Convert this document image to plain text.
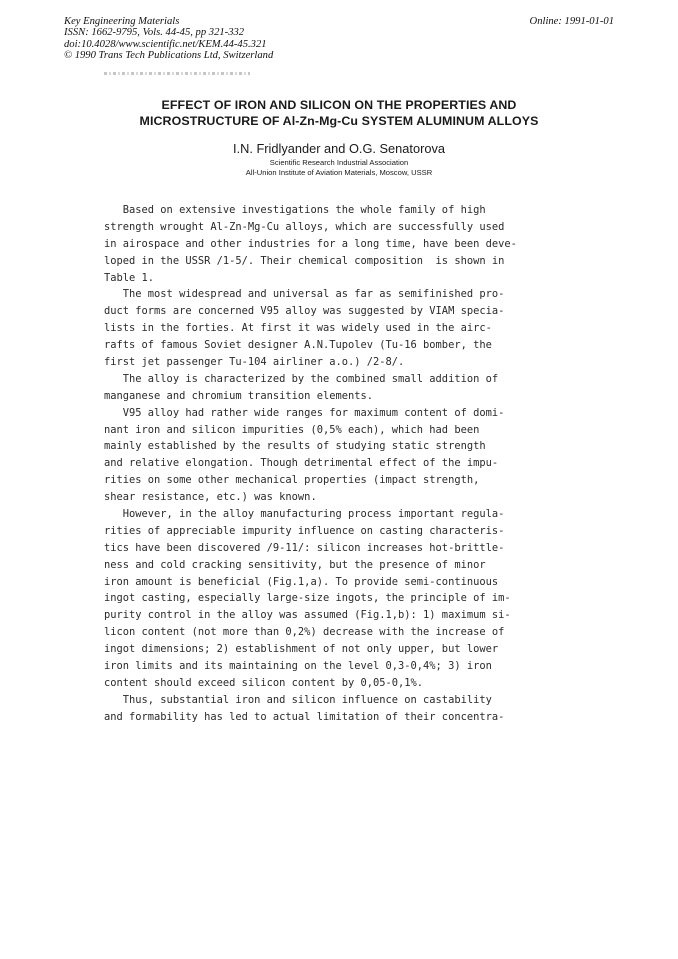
Key Engineering Materials
ISSN: 1662-9795, Vols. 44-45, pp 321-332
doi:10.4028/www.scientific.net/KEM.44-45.321
© 1990 Trans Tech Publications Ltd, Switzerland
Online: 1991-01-01
EFFECT OF IRON AND SILICON ON THE PROPERTIES AND
MICROSTRUCTURE OF Al-Zn-Mg-Cu SYSTEM ALUMINUM ALLOYS
I.N. Fridlyander and O.G. Senatorova
Scientific Research Industrial Association
All-Union Institute of Aviation Materials, Moscow, USSR
Based on extensive investigations the whole family of high
strength wrought Al-Zn-Mg-Cu alloys, which are successfully used
in airospace and other industries for a long time, have been deve-
loped in the USSR /1-5/. Their chemical composition  is shown in
Table 1.
The most widespread and universal as far as semifinished pro-
duct forms are concerned V95 alloy was suggested by VIAM specia-
lists in the forties. At first it was widely used in the airc-
rafts of famous Soviet designer A.N.Tupolev (Tu-16 bomber, the
first jet passenger Tu-104 airliner a.o.) /2-8/.
The alloy is characterized by the combined small addition of
manganese and chromium transition elements.
V95 alloy had rather wide ranges for maximum content of domi-
nant iron and silicon impurities (0,5% each), which had been
mainly established by the results of studying static strength
and relative elongation. Though detrimental effect of the impu-
rities on some other mechanical properties (impact strength,
shear resistance, etc.) was known.
However, in the alloy manufacturing process important regula-
rities of appreciable impurity influence on casting characteris-
tics have been discovered /9-11/: silicon increases hot-brittle-
ness and cold cracking sensitivity, but the presence of minor
iron amount is beneficial (Fig.1,a). To provide semi-continuous
ingot casting, especially large-size ingots, the principle of im-
purity control in the alloy was assumed (Fig.1,b): 1) maximum si-
licon content (not more than 0,2%) decrease with the increase of
ingot dimensions; 2) establishment of not only upper, but lower
iron limits and its maintaining on the level 0,3-0,4%; 3) iron
content should exceed silicon content by 0,05-0,1%.
Thus, substantial iron and silicon influence on castability
and formability has led to actual limitation of their concentra-
